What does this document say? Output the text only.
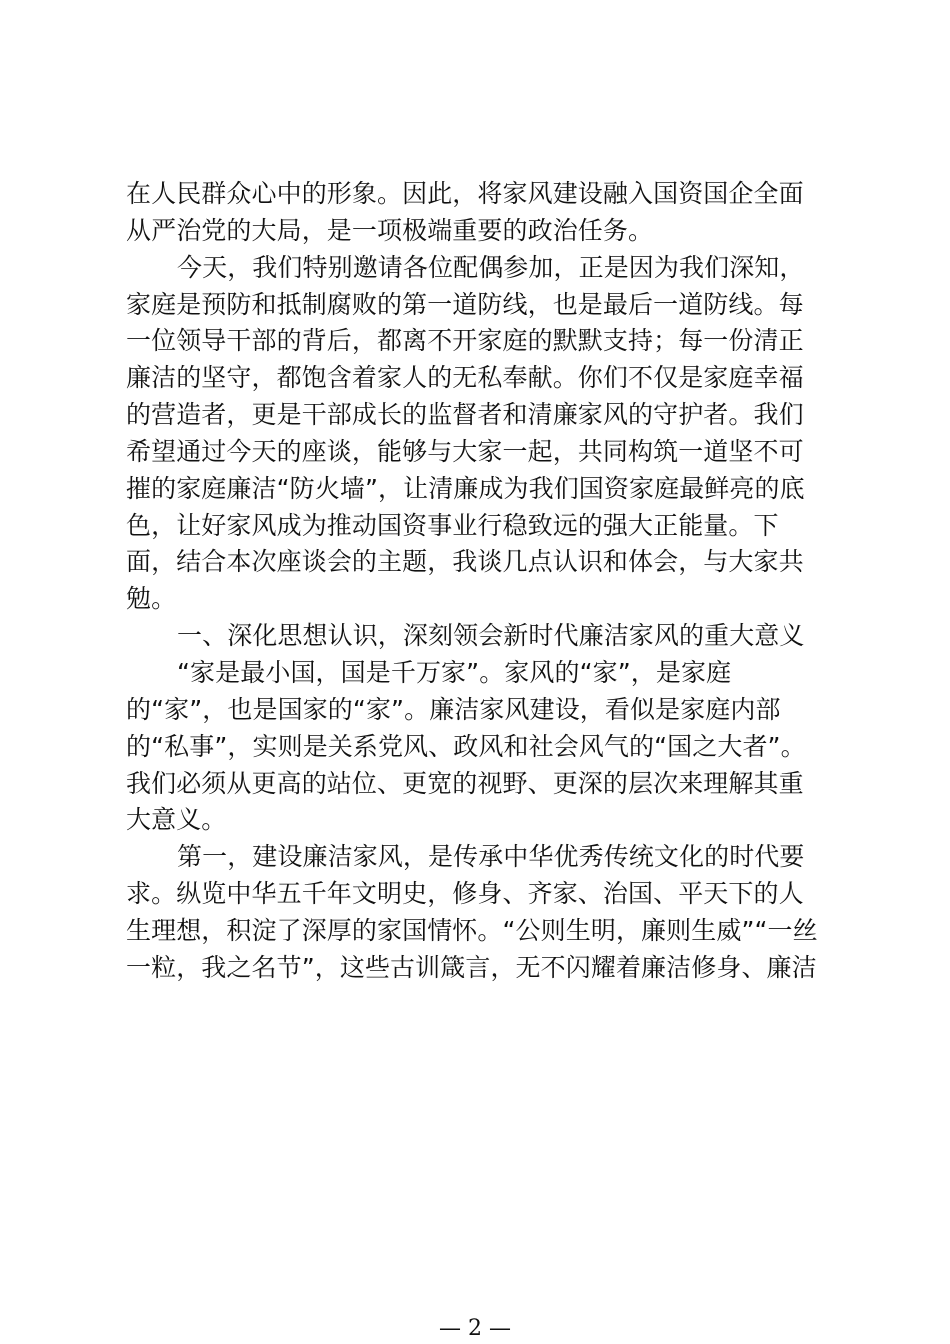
在人民群众心中的形象。因此，将家风建设融入国资国企全面
从严治党的大局，是一项极端重要的政治任务。
今天，我们特别邀请各位配偶参加，正是因为我们深知，
家庭是预防和抵制腐败的第一道防线，也是最后一道防线。每
一位领导干部的背后，都离不开家庭的默默支持；每一份清正
廉洁的坚守，都饱含着家人的无私奉献。你们不仅是家庭幸福
的营造者，更是干部成长的监督者和清廉家风的守护者。我们
希望通过今天的座谈，能够与大家一起，共同构筑一道坚不可
摧的家庭廉洁“防火墙”，让清廉成为我们国资家庭最鲜亮的底
色，让好家风成为推动国资事业行稳致远的强大正能量。下
面，结合本次座谈会的主题，我谈几点认识和体会，与大家共
勉。
一、深化思想认识，深刻领会新时代廉洁家风的重大意义
“家是最小国，国是千万家”。家风的“家”，是家庭
的“家”，也是国家的“家”。廉洁家风建设，看似是家庭内部
的“私事”，实则是关系党风、政风和社会风气的“国之大者”。
我们必须从更高的站位、更宽的视野、更深的层次来理解其重
大意义。
第一，建设廉洁家风，是传承中华优秀传统文化的时代要
求。纵览中华五千年文明史，修身、齐家、治国、平天下的人
生理想，积淀了深厚的家国情怀。“公则生明，廉则生威”“一丝
一粒，我之名节”，这些古训箴言，无不闪耀着廉洁修身、廉洁
— 2 —
